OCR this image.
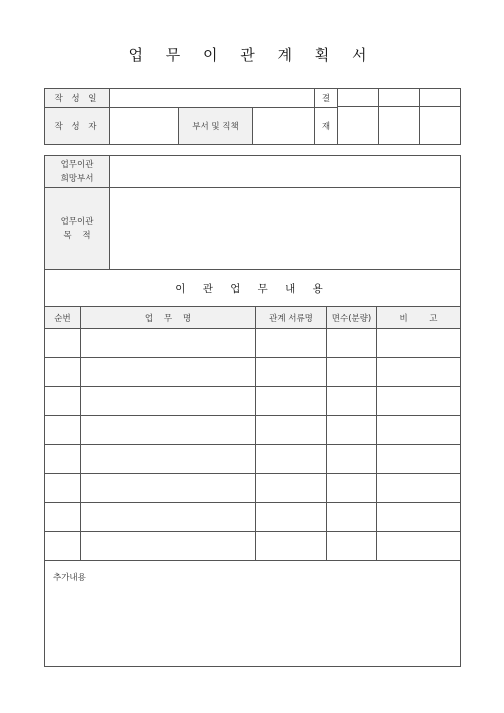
업 무 이 관 계 획 서
작 성 일				결			

작 성 자		부서 및 직책		재			

업무이관
희망부서					
업무이관
목    적					
이 관 업 무 내 용					
순번	업    무    명		관계 서류명	면수(분량)	비        고

추가내용					
